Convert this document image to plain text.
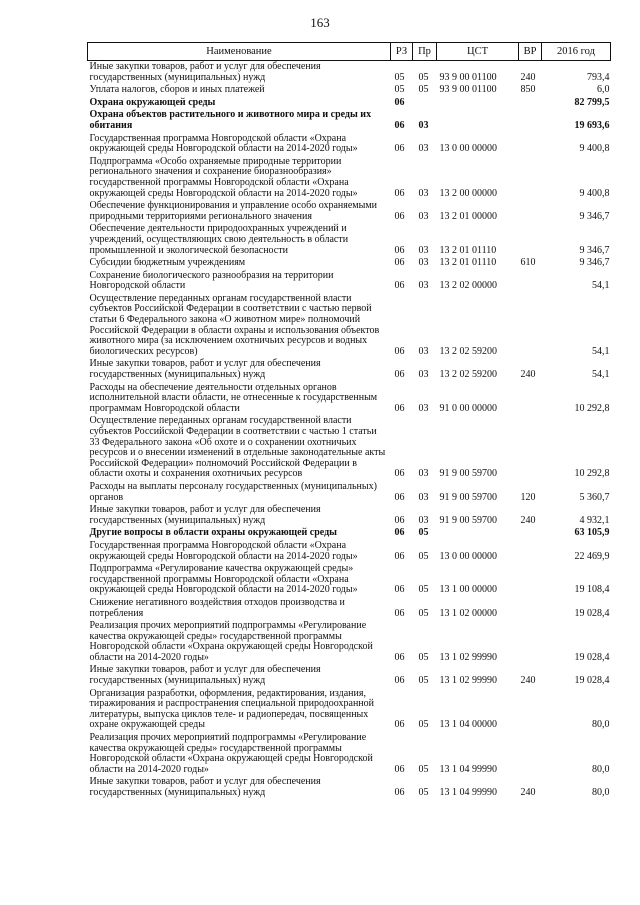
163
Наименование	РЗ	Пр	ЦСТ	ВР	2016 год
Иные закупки товаров, работ и услуг для обеспечения государственных (муниципальных) нужд	05	05	93 9 00 01100	240	793,4
Уплата налогов, сборов и иных платежей	05	05	93 9 00 01100	850	6,0
Охрана окружающей среды	06				82 799,5
Охрана объектов растительного и животного мира и среды их обитания	06	03			19 693,6
Государственная программа Новгородской области «Охрана окружающей среды Новгородской области на 2014-2020 годы»	06	03	13 0 00 00000		9 400,8
Подпрограмма «Особо охраняемые природные территории регионального значения и сохранение биоразнообразия» государственной программы Новгородской области «Охрана окружающей среды Новгородской области на 2014-2020 годы»	06	03	13 2 00 00000		9 400,8
Обеспечение функционирования и управление особо охраняемыми природными территориями регионального значения	06	03	13 2 01 00000		9 346,7
Обеспечение деятельности природоохранных учреждений и учреждений, осуществляющих свою деятельность в области промышленной и экологической безопасности	06	03	13 2 01 01110		9 346,7
Субсидии бюджетным учреждениям	06	03	13 2 01 01110	610	9 346,7
Сохранение биологического разнообразия на территории Новгородской области	06	03	13 2 02 00000		54,1
Осуществление переданных органам государственной власти субъектов Российской Федерации в соответствии с частью первой статьи 6 Федерального закона «О животном мире» полномочий Российской Федерации в области охраны и использования объектов животного мира (за исключением охотничьих ресурсов и водных биологических ресурсов)	06	03	13 2 02 59200		54,1
Иные закупки товаров, работ и услуг для обеспечения государственных (муниципальных) нужд	06	03	13 2 02 59200	240	54,1
Расходы на обеспечение деятельности отдельных органов исполнительной власти области, не отнесенные к государственным программам Новгородской области	06	03	91 0 00 00000		10 292,8
Осуществление переданных органам государственной власти субъектов Российской Федерации в соответствии с частью 1 статьи 33 Федерального закона «Об охоте и о сохранении охотничьих ресурсов и о внесении изменений в отдельные законодательные акты Российской Федерации» полномочий Российской Федерации в области охоты и сохранения охотничьих ресурсов	06	03	91 9 00 59700		10 292,8
Расходы на выплаты персоналу государственных (муниципальных) органов	06	03	91 9 00 59700	120	5 360,7
Иные закупки товаров, работ и услуг для обеспечения государственных (муниципальных) нужд	06	03	91 9 00 59700	240	4 932,1
Другие вопросы в области охраны окружающей среды	06	05			63 105,9
Государственная программа Новгородской области «Охрана окружающей среды Новгородской области на 2014-2020 годы»	06	05	13 0 00 00000		22 469,9
Подпрограмма «Регулирование качества окружающей среды» государственной программы Новгородской области «Охрана окружающей среды Новгородской области на 2014-2020 годы»	06	05	13 1 00 00000		19 108,4
Снижение негативного воздействия отходов производства и потребления	06	05	13 1 02 00000		19 028,4
Реализация прочих мероприятий подпрограммы «Регулирование качества окружающей среды» государственной программы Новгородской области «Охрана окружающей среды Новгородской области на 2014-2020 годы»	06	05	13 1 02 99990		19 028,4
Иные закупки товаров, работ и услуг для обеспечения государственных (муниципальных) нужд	06	05	13 1 02 99990	240	19 028,4
Организация разработки, оформления, редактирования, издания, тиражирования и распространения специальной природоохранной литературы, выпуска циклов теле- и радиопередач, посвященных охране окружающей среды	06	05	13 1 04 00000		80,0
Реализация прочих мероприятий подпрограммы «Регулирование качества окружающей среды» государственной программы Новгородской области «Охрана окружающей среды Новгородской области на 2014-2020 годы»	06	05	13 1 04 99990		80,0
Иные закупки товаров, работ и услуг для обеспечения государственных (муниципальных) нужд	06	05	13 1 04 99990	240	80,0
